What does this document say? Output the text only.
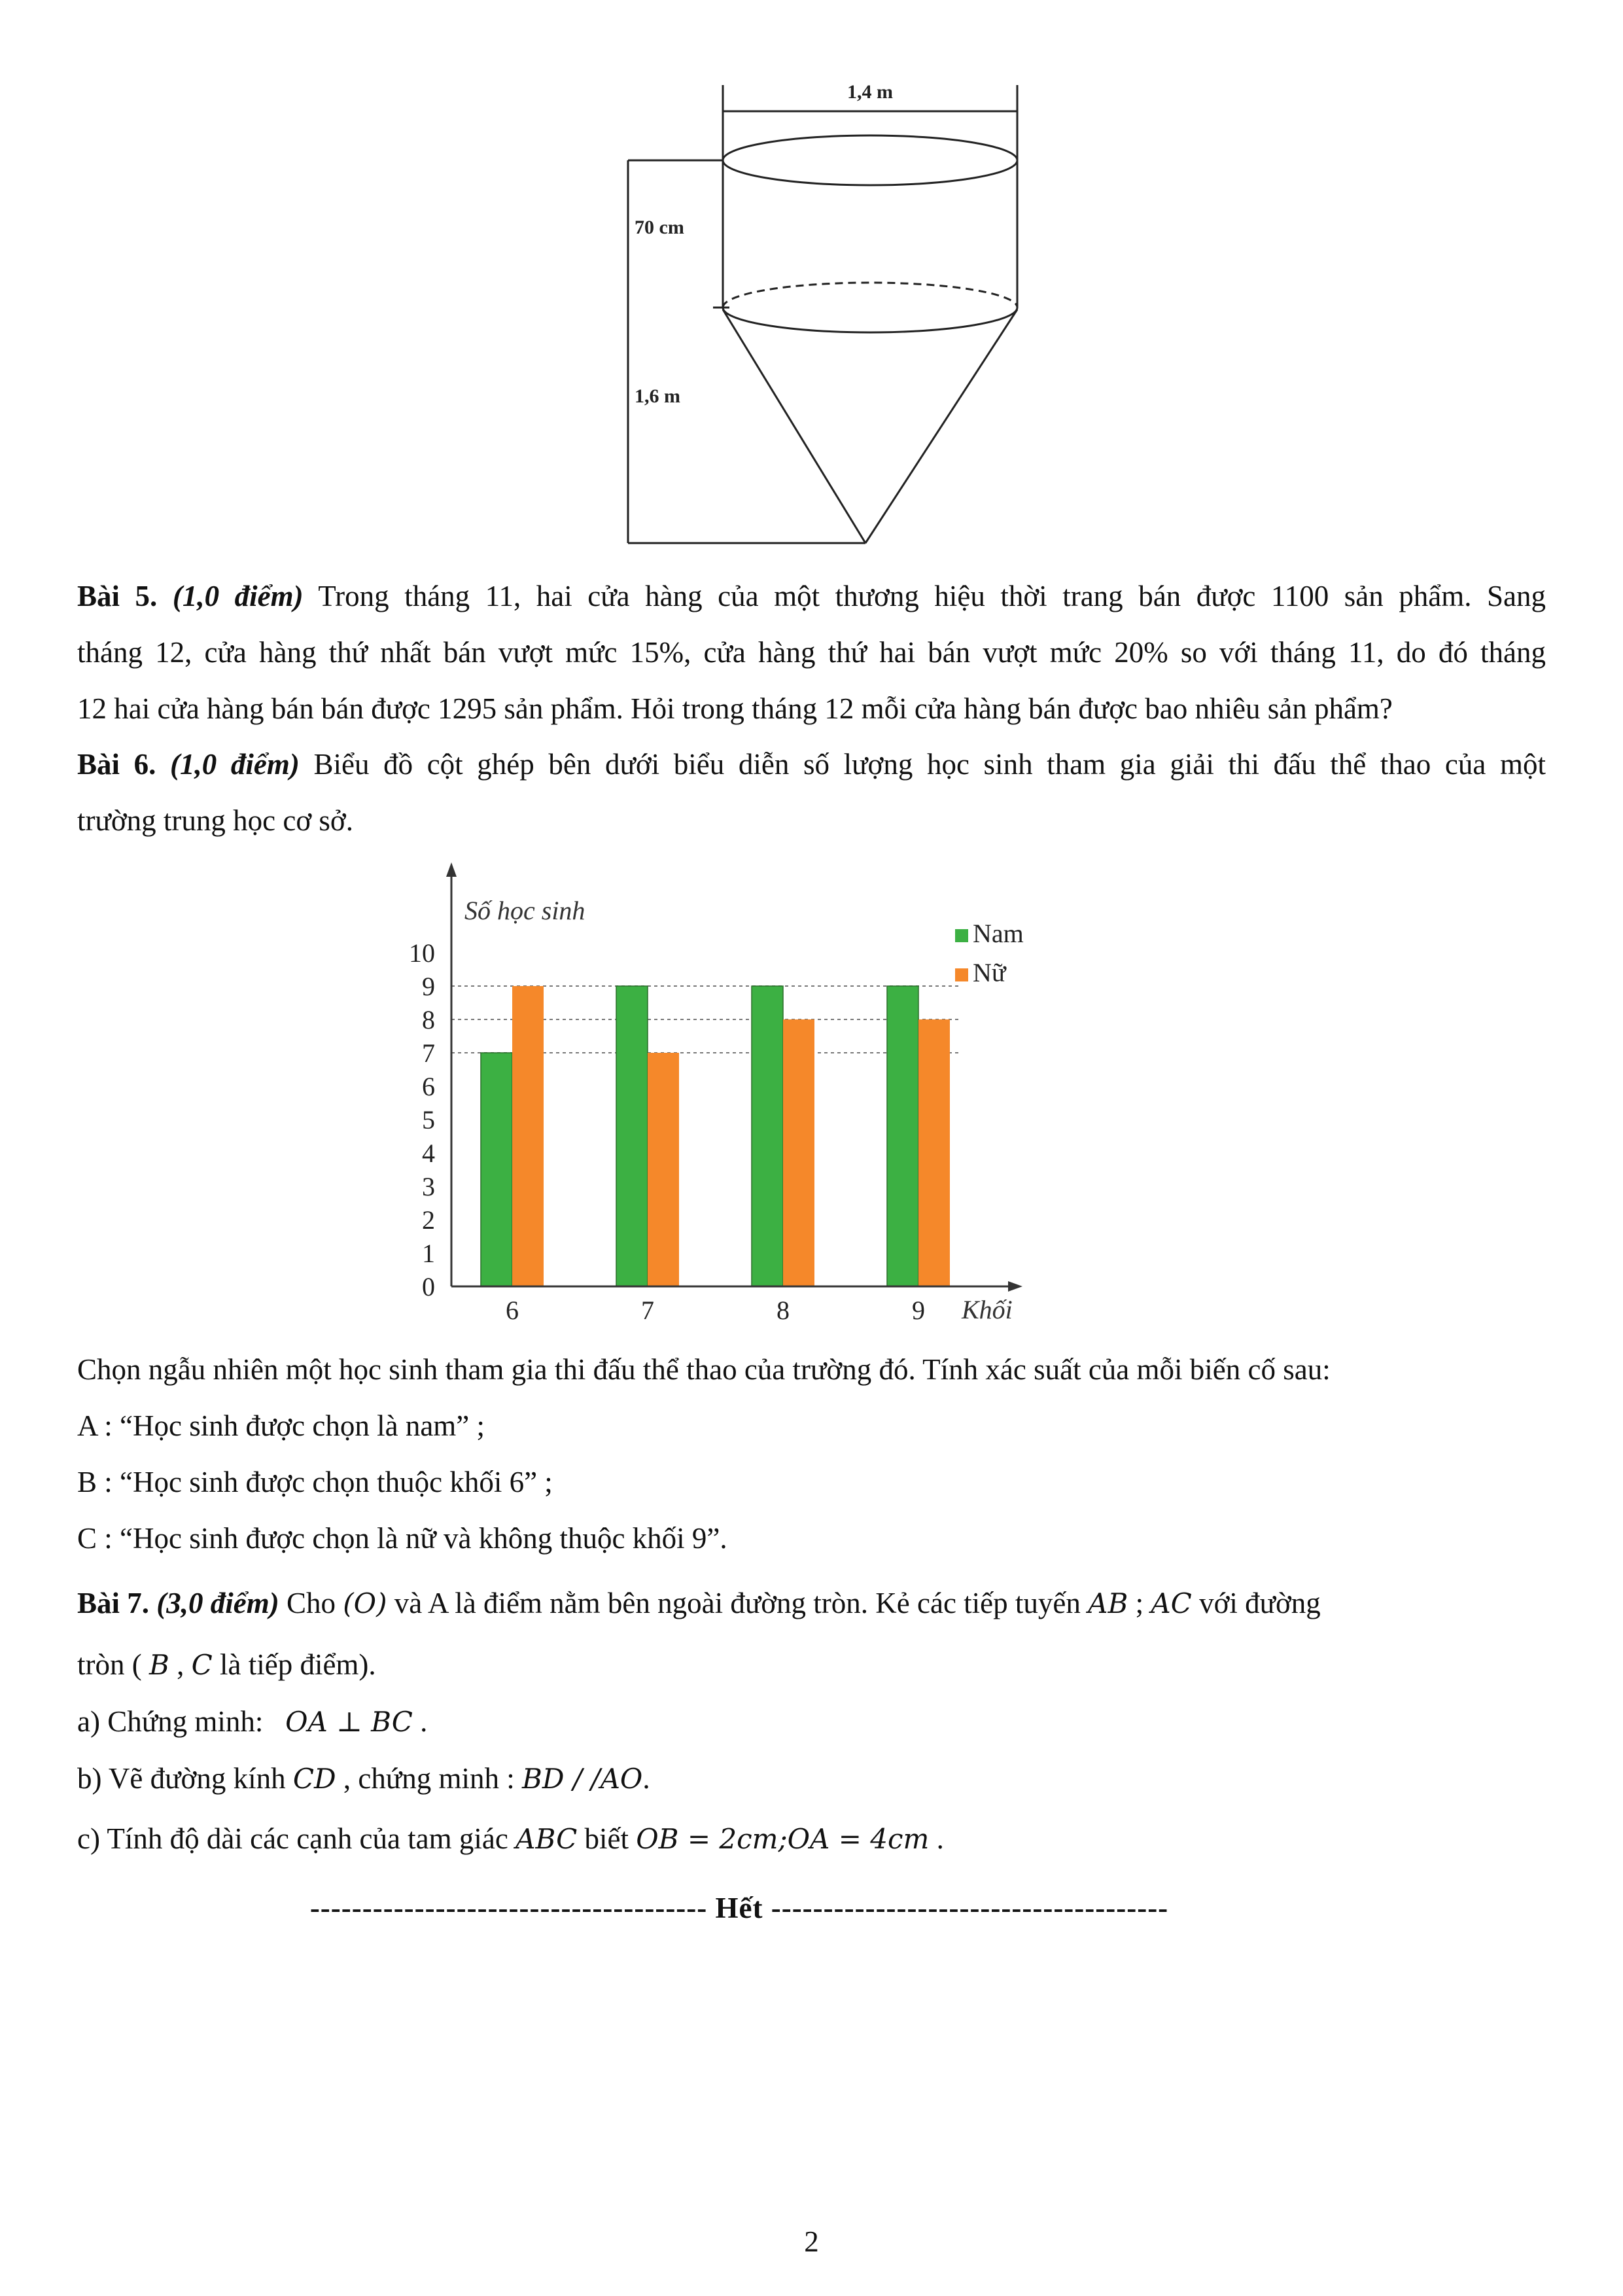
1,4 m
70 cm
1,6 m
Bài 5. (1,0 điểm) Trong tháng 11, hai cửa hàng của một thương hiệu thời trang bán được 1100 sản phẩm. Sang
tháng 12, cửa hàng thứ nhất bán vượt mức 15%, cửa hàng thứ hai bán vượt mức 20% so với tháng 11, do đó tháng
12 hai cửa hàng bán bán được 1295 sản phẩm. Hỏi trong tháng 12 mỗi cửa hàng bán được bao nhiêu sản phẩm?
Bài 6. (1,0 điểm) Biểu đồ cột ghép bên dưới biểu diễn số lượng học sinh tham gia giải thi đấu thể thao của một
trường trung học cơ sở.
0
1
2
3
4
5
6
7
8
9
10
6	7	8	9
Số học sinh
Khối
Nam
Nữ
Chọn ngẫu nhiên một học sinh tham gia thi đấu thể thao của trường đó. Tính xác suất của mỗi biến cố sau:
A : “Học sinh được chọn là nam” ;
B : “Học sinh được chọn thuộc khối 6” ;
C : “Học sinh được chọn là nữ và không thuộc khối 9”.
Bài 7. (3,0 điểm) Cho (O) và A là điểm nằm bên ngoài đường tròn. Kẻ các tiếp tuyến AB ; AC với đường
tròn ( B , C là tiếp điểm).
a) Chứng minh: OA ⊥ BC .
b) Vẽ đường kính CD , chứng minh : BD / /AO.
c) Tính độ dài các cạnh của tam giác ABC biết OB = 2cm;OA = 4cm .
-------------------------------------- Hết --------------------------------------
2
